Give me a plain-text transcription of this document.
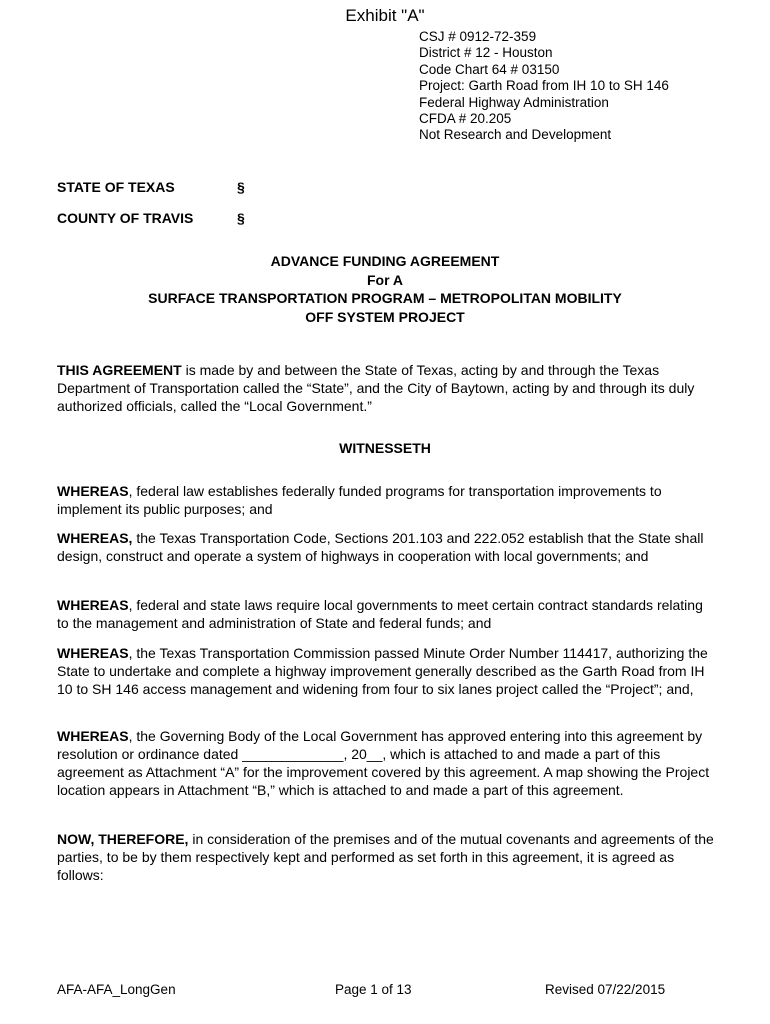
Exhibit "A"
CSJ # 0912-72-359
District # 12 - Houston
Code Chart 64 # 03150
Project: Garth Road from IH 10 to SH 146
Federal Highway Administration
CFDA # 20.205
Not Research and Development
STATE OF TEXAS	§
COUNTY OF TRAVIS	§
ADVANCE FUNDING AGREEMENT
For A
SURFACE TRANSPORTATION PROGRAM – METROPOLITAN MOBILITY
OFF SYSTEM PROJECT
THIS AGREEMENT is made by and between the State of Texas, acting by and through the Texas Department of Transportation called the “State”, and the City of Baytown, acting by and through its duly authorized officials, called the “Local Government.”
WITNESSETH
WHEREAS, federal law establishes federally funded programs for transportation improvements to implement its public purposes; and
WHEREAS, the Texas Transportation Code, Sections 201.103 and 222.052 establish that the State shall design, construct and operate a system of highways in cooperation with local governments; and
WHEREAS, federal and state laws require local governments to meet certain contract standards relating to the management and administration of State and federal funds; and
WHEREAS, the Texas Transportation Commission passed Minute Order Number 114417, authorizing the State to undertake and complete a highway improvement generally described as the Garth Road from IH 10 to SH 146 access management and widening from four to six lanes project called the “Project”; and,
WHEREAS, the Governing Body of the Local Government has approved entering into this agreement by resolution or ordinance dated _____________, 20__, which is attached to and made a part of this agreement as Attachment “A” for the improvement covered by this agreement. A map showing the Project location appears in Attachment “B,” which is attached to and made a part of this agreement.
NOW, THEREFORE, in consideration of the premises and of the mutual covenants and agreements of the parties, to be by them respectively kept and performed as set forth in this agreement, it is agreed as follows:
AFA-AFA_LongGen	Page 1 of 13	Revised 07/22/2015
